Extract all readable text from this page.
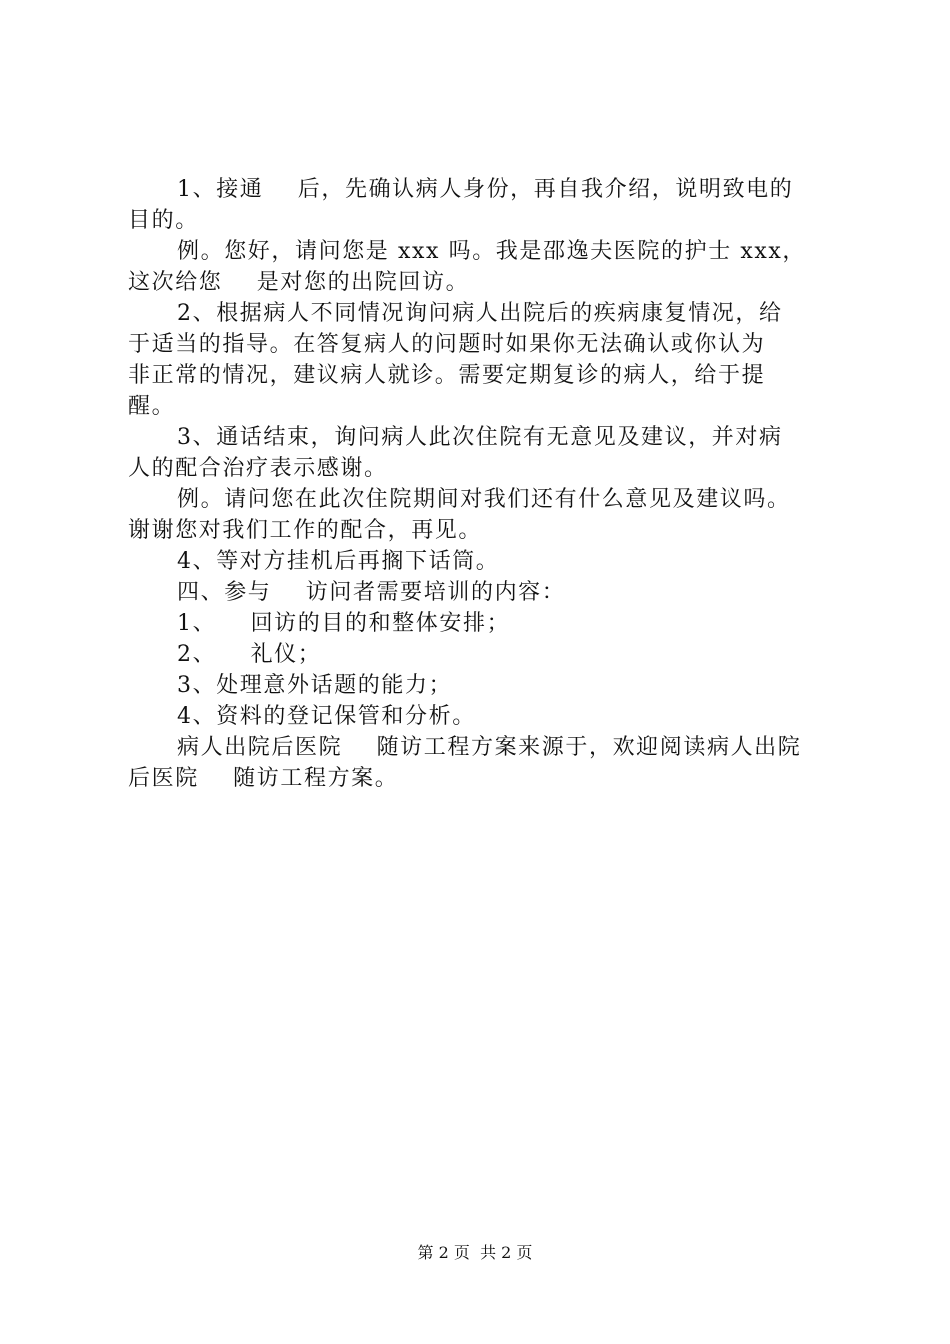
1、接通    后，先确认病人身份，再自我介绍，说明致电的
目的。
例。您好，请问您是 xxx 吗。我是邵逸夫医院的护士 xxx，
这次给您    是对您的出院回访。
2、根据病人不同情况询问病人出院后的疾病康复情况，给
于适当的指导。在答复病人的问题时如果你无法确认或你认为
非正常的情况，建议病人就诊。需要定期复诊的病人，给于提
醒。
3、通话结束，询问病人此次住院有无意见及建议，并对病
人的配合治疗表示感谢。
例。请问您在此次住院期间对我们还有什么意见及建议吗。
谢谢您对我们工作的配合，再见。
4、等对方挂机后再搁下话筒。
四、参与    访问者需要培训的内容：
1、    回访的目的和整体安排；
2、    礼仪；
3、处理意外话题的能力；
4、资料的登记保管和分析。
病人出院后医院    随访工程方案来源于，欢迎阅读病人出院
后医院    随访工程方案。
第 2 页  共 2 页
